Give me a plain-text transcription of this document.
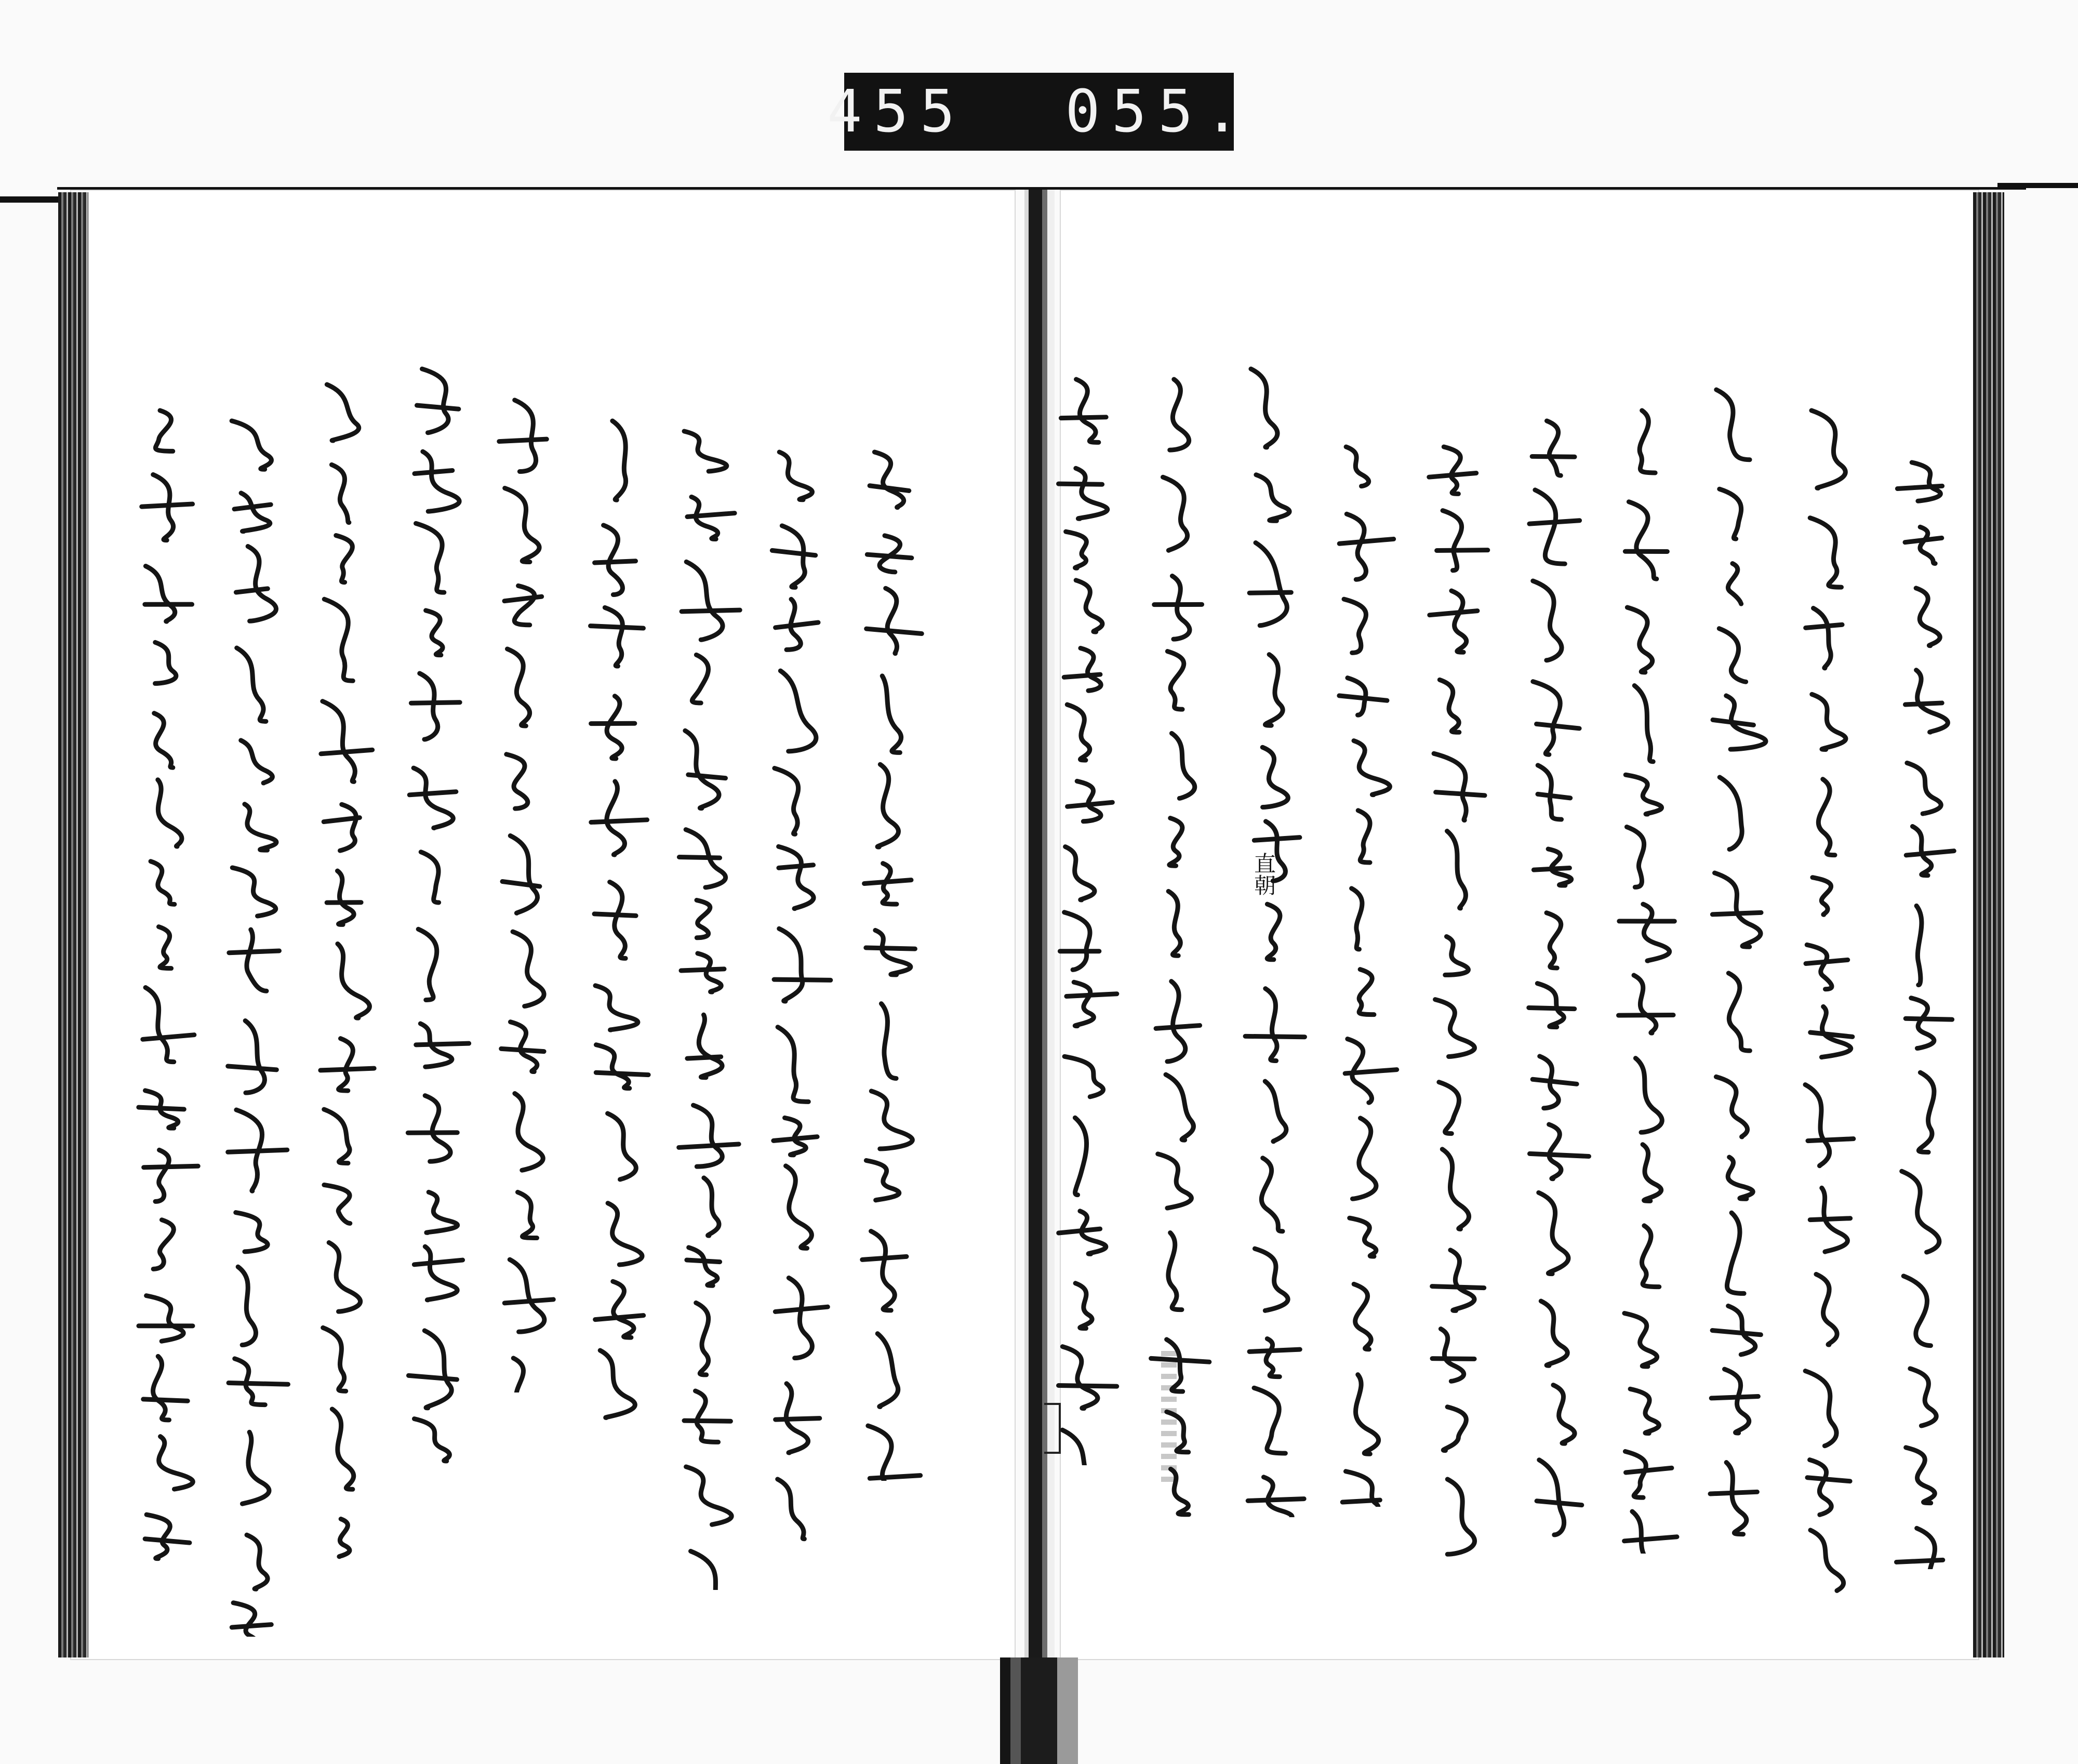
455 055.
直朝
